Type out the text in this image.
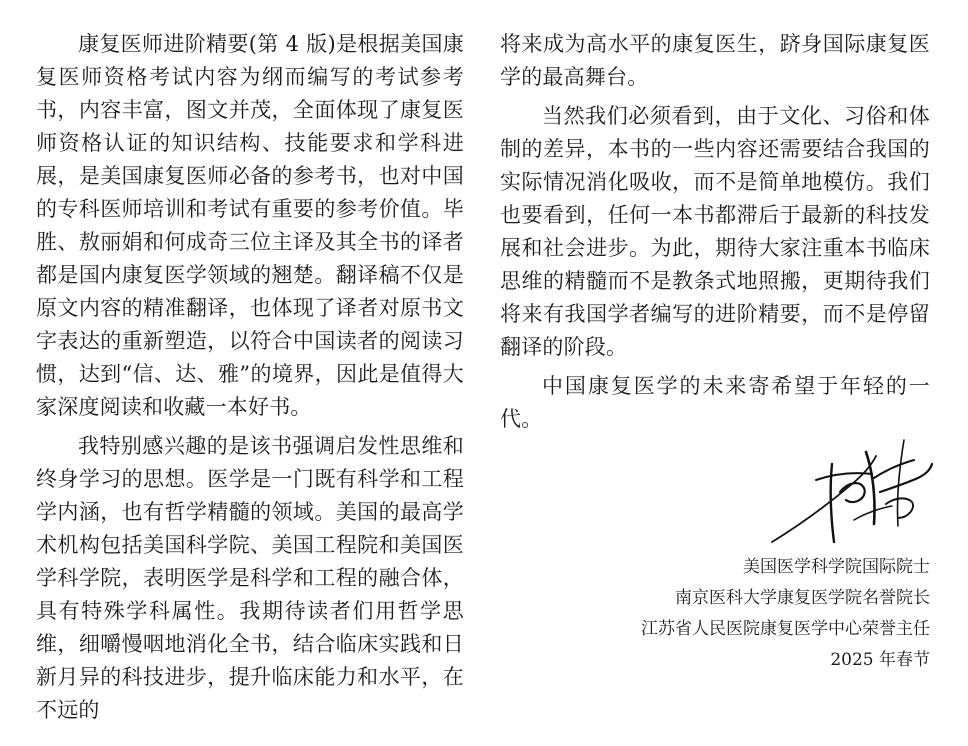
康复医师进阶精要(第 4 版)是根据美国康复医师资格考试内容为纲而编写的考试参考书，内容丰富，图文并茂，全面体现了康复医师资格认证的知识结构、技能要求和学科进展，是美国康复医师必备的参考书，也对中国的专科医师培训和考试有重要的参考价值。毕胜、敖丽娟和何成奇三位主译及其全书的译者都是国内康复医学领域的翘楚。翻译稿不仅是原文内容的精准翻译，也体现了译者对原书文字表达的重新塑造，以符合中国读者的阅读习惯，达到“信、达、雅”的境界，因此是值得大家深度阅读和收藏一本好书。

我特别感兴趣的是该书强调启发性思维和终身学习的思想。医学是一门既有科学和工程学内涵，也有哲学精髓的领域。美国的最高学术机构包括美国科学院、美国工程院和美国医学科学院，表明医学是科学和工程的融合体，具有特殊学科属性。我期待读者们用哲学思维，细嚼慢咽地消化全书，结合临床实践和日新月异的科技进步，提升临床能力和水平，在不远的

将来成为高水平的康复医生，跻身国际康复医学的最高舞台。

当然我们必须看到，由于文化、习俗和体制的差异，本书的一些内容还需要结合我国的实际情况消化吸收，而不是简单地模仿。我们也要看到，任何一本书都滞后于最新的科技发展和社会进步。为此，期待大家注重本书临床思维的精髓而不是教条式地照搬，更期待我们将来有我国学者编写的进阶精要，而不是停留翻译的阶段。

中国康复医学的未来寄希望于年轻的一代。

美国医学科学院国际院士
南京医科大学康复医学院名誉院长
江苏省人民医院康复医学中心荣誉主任
2025 年春节
